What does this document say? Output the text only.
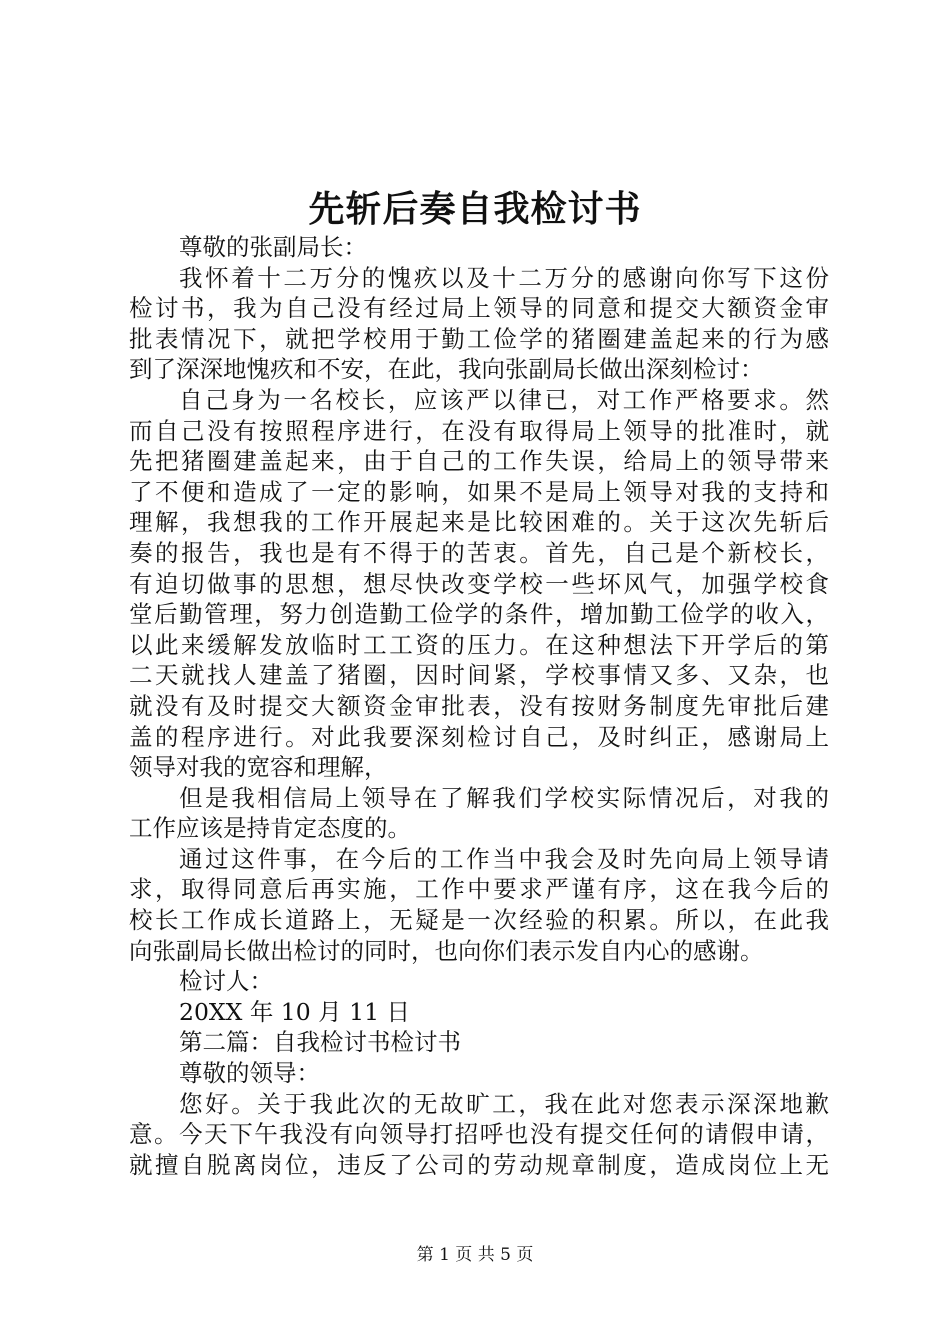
先斩后奏自我检讨书
尊敬的张副局长：
我怀着十二万分的愧疚以及十二万分的感谢向你写下这份
检讨书，我为自己没有经过局上领导的同意和提交大额资金审
批表情况下，就把学校用于勤工俭学的猪圈建盖起来的行为感
到了深深地愧疚和不安，在此，我向张副局长做出深刻检讨：
自己身为一名校长，应该严以律已，对工作严格要求。然
而自己没有按照程序进行，在没有取得局上领导的批准时，就
先把猪圈建盖起来，由于自己的工作失误，给局上的领导带来
了不便和造成了一定的影响，如果不是局上领导对我的支持和
理解，我想我的工作开展起来是比较困难的。关于这次先斩后
奏的报告，我也是有不得于的苦衷。首先，自己是个新校长，
有迫切做事的思想，想尽快改变学校一些坏风气，加强学校食
堂后勤管理，努力创造勤工俭学的条件，增加勤工俭学的收入，
以此来缓解发放临时工工资的压力。在这种想法下开学后的第
二天就找人建盖了猪圈，因时间紧，学校事情又多、又杂，也
就没有及时提交大额资金审批表，没有按财务制度先审批后建
盖的程序进行。对此我要深刻检讨自己，及时纠正，感谢局上
领导对我的宽容和理解，
但是我相信局上领导在了解我们学校实际情况后，对我的
工作应该是持肯定态度的。
通过这件事，在今后的工作当中我会及时先向局上领导请
求，取得同意后再实施，工作中要求严谨有序，这在我今后的
校长工作成长道路上，无疑是一次经验的积累。所以，在此我
向张副局长做出检讨的同时，也向你们表示发自内心的感谢。
检讨人：
20XX 年 10 月 11 日
第二篇：自我检讨书检讨书
尊敬的领导：
您好。关于我此次的无故旷工，我在此对您表示深深地歉
意。今天下午我没有向领导打招呼也没有提交任何的请假申请，
就擅自脱离岗位，违反了公司的劳动规章制度，造成岗位上无
第 1 页 共 5 页
